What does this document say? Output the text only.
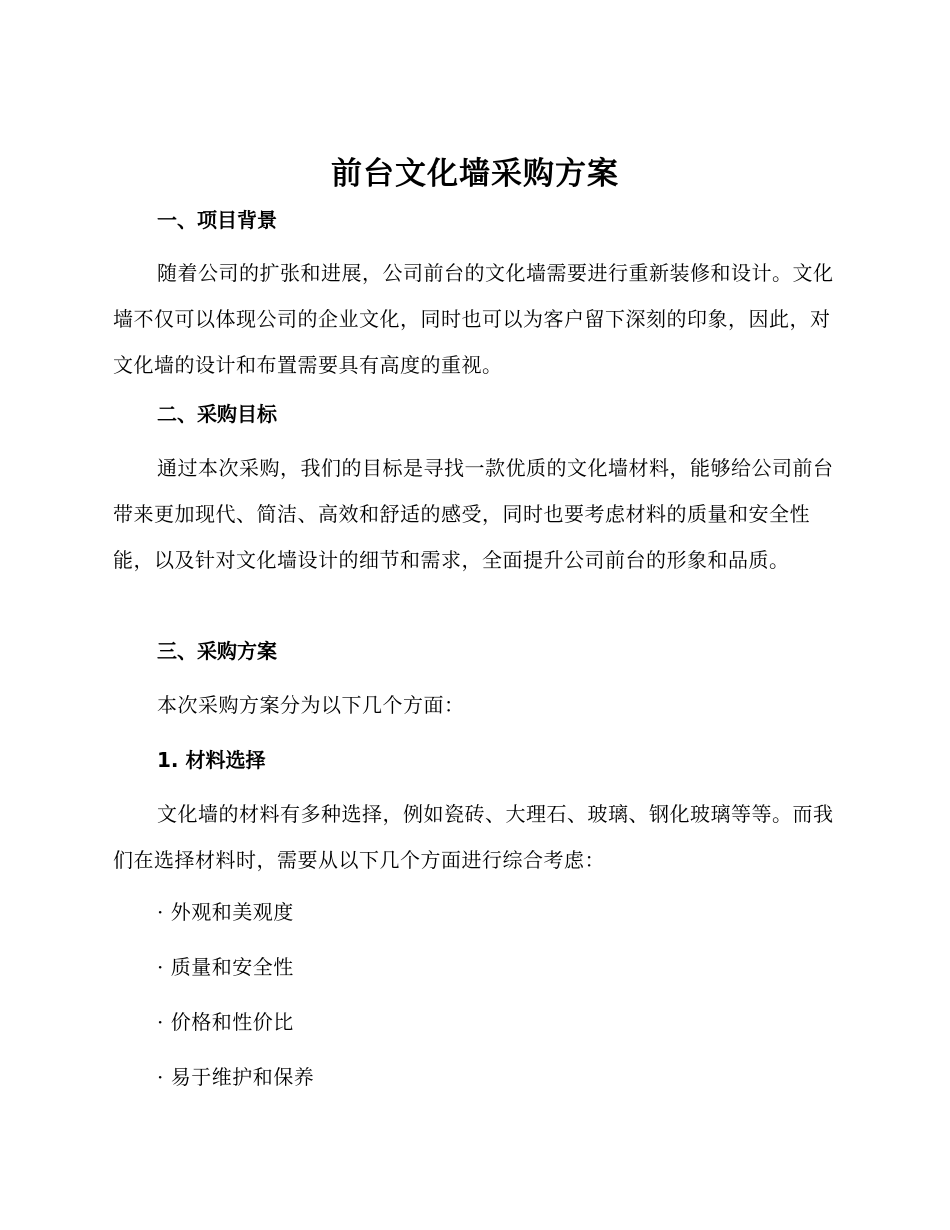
前台文化墙采购方案
一、项目背景
随着公司的扩张和进展，公司前台的文化墙需要进行重新装修和设计。文化墙不仅可以体现公司的企业文化，同时也可以为客户留下深刻的印象，因此，对文化墙的设计和布置需要具有高度的重视。
二、采购目标
通过本次采购，我们的目标是寻找一款优质的文化墙材料，能够给公司前台带来更加现代、简洁、高效和舒适的感受，同时也要考虑材料的质量和安全性能，以及针对文化墙设计的细节和需求，全面提升公司前台的形象和品质。
三、采购方案
本次采购方案分为以下几个方面：
1. 材料选择
文化墙的材料有多种选择，例如瓷砖、大理石、玻璃、钢化玻璃等等。而我们在选择材料时，需要从以下几个方面进行综合考虑：
· 外观和美观度
· 质量和安全性
· 价格和性价比
· 易于维护和保养
